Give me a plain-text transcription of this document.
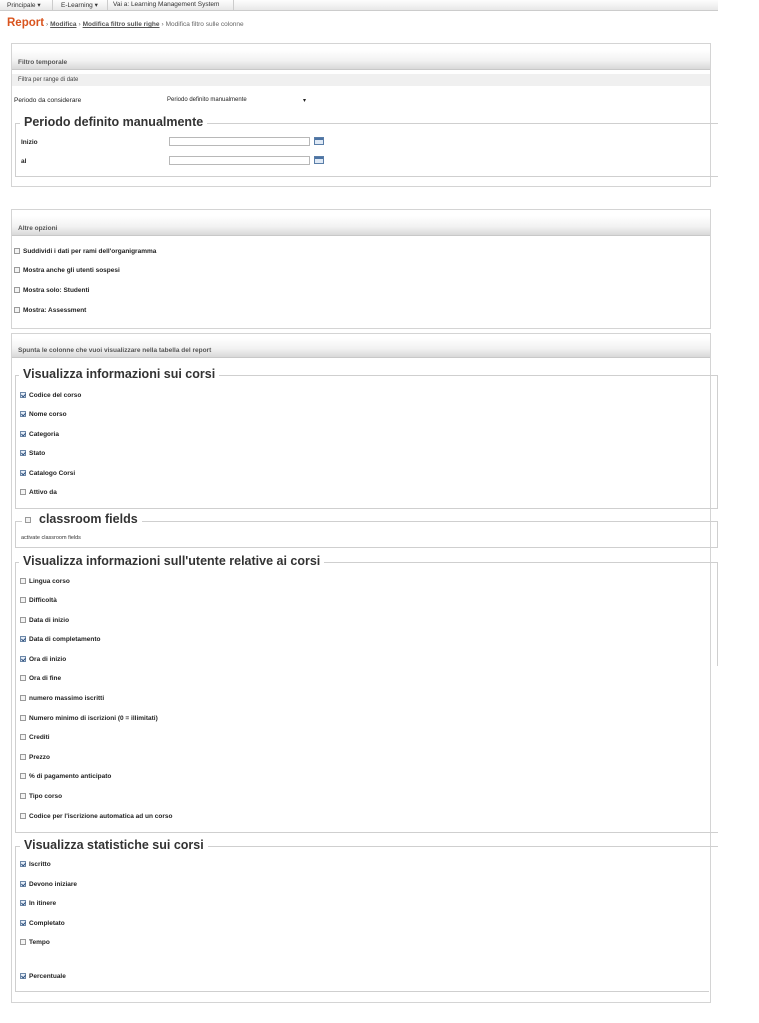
Principale ▾	E-Learning ▾ Vai a: Learning Management System
Report › Modifica › Modifica filtro sulle righe › Modifica filtro sulle colonne
Filtro temporale
Filtra per range di date
Periodo da considerare	Periodo definito manualmente	▾
Periodo definito manualmente
Inizio
al
Altre opzioni
Suddividi i dati per rami dell'organigramma
Mostra anche gli utenti sospesi
Mostra solo: Studenti
Mostra: Assessment
Spunta le colonne che vuoi visualizzare nella tabella del report
Visualizza informazioni sui corsi
Codice del corso
Nome corso
Categoria
Stato
Catalogo Corsi
Attivo da
classroom fields
activate classroom fields
Visualizza informazioni sull'utente relative ai corsi
Lingua corso
Difficoltà
Data di inizio
Data di completamento
Ora di inizio
Ora di fine
numero massimo iscritti
Numero minimo di iscrizioni (0 = illimitati)
Crediti
Prezzo
% di pagamento anticipato
Tipo corso
Codice per l'iscrizione automatica ad un corso
Visualizza statistiche sui corsi
Iscritto
Devono iniziare
In itinere
Completato
Tempo
Percentuale
